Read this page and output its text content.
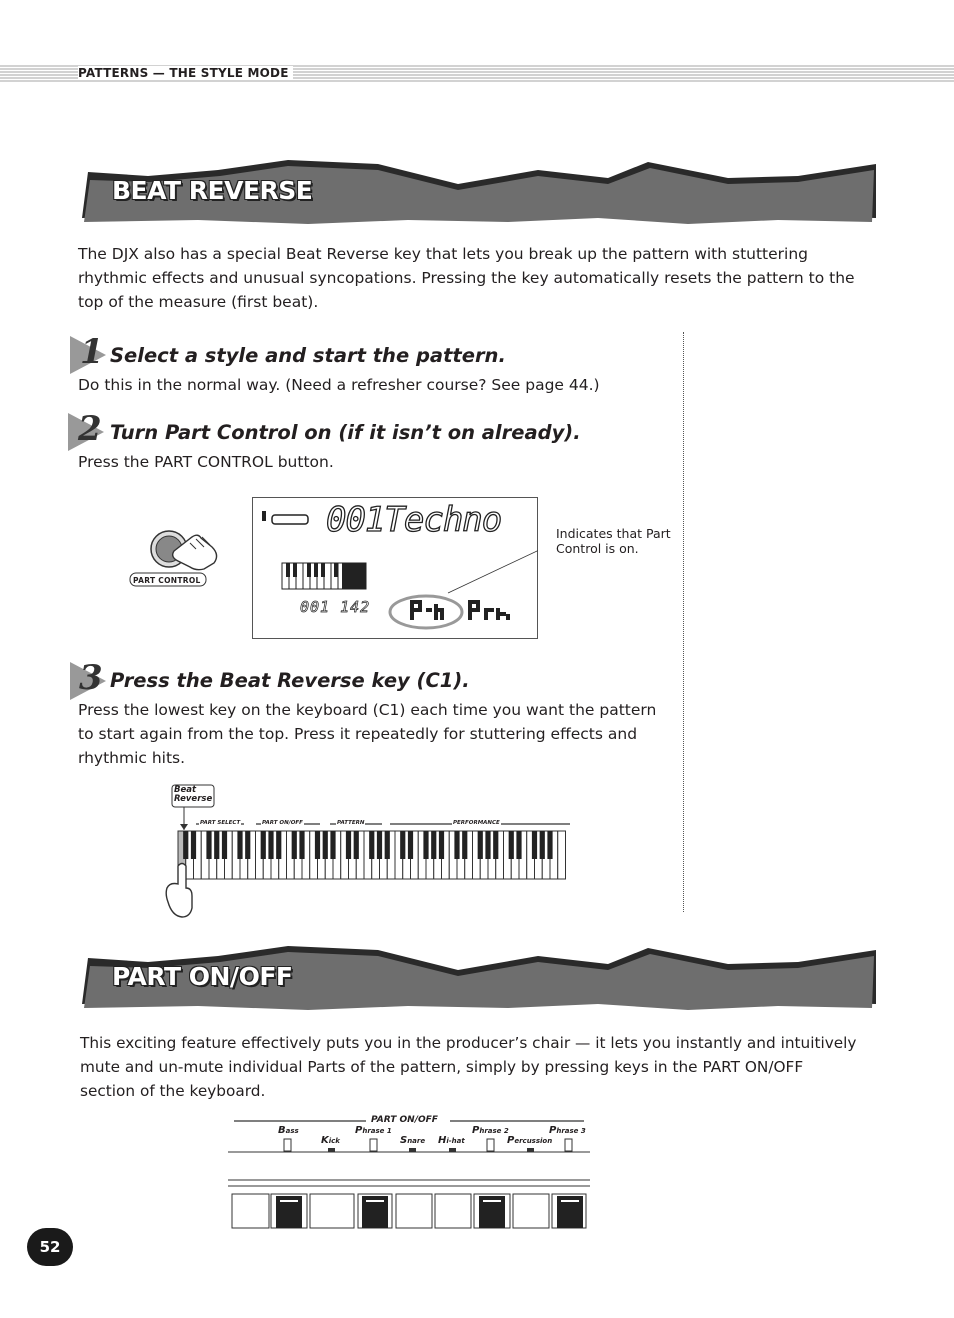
PATTERNS — THE STYLE MODE
BEAT REVERSE
The DJX also has a special Beat Reverse key that lets you break up the pattern with stuttering
rhythmic effects and unusual syncopations. Pressing the key automatically resets the pattern to the
top of the measure (first beat).
1 Select a style and start the pattern.
Do this in the normal way. (Need a refresher course? See page 44.)
2 Turn Part Control on (if it isn’t on already).
Press the PART CONTROL button.
PART CONTROL
001Techno
001 142
Indicates that Part
Control is on.
3 Press the Beat Reverse key (C1).
Press the lowest key on the keyboard (C1) each time you want the pattern
to start again from the top. Press it repeatedly for stuttering effects and
rhythmic hits.
Beat
Reverse
PART SELECT	PART ON/OFF	PATTERN	PERFORMANCE
PART ON/OFF
This exciting feature effectively puts you in the producer’s chair — it lets you instantly and intuitively
mute and un-mute individual Parts of the pattern, simply by pressing keys in the PART ON/OFF
section of the keyboard.
PART ON/OFF
Bass	Phrase 1	Phrase 2	Phrase 3
Kick	Snare Hi-hat	Percussion
52
